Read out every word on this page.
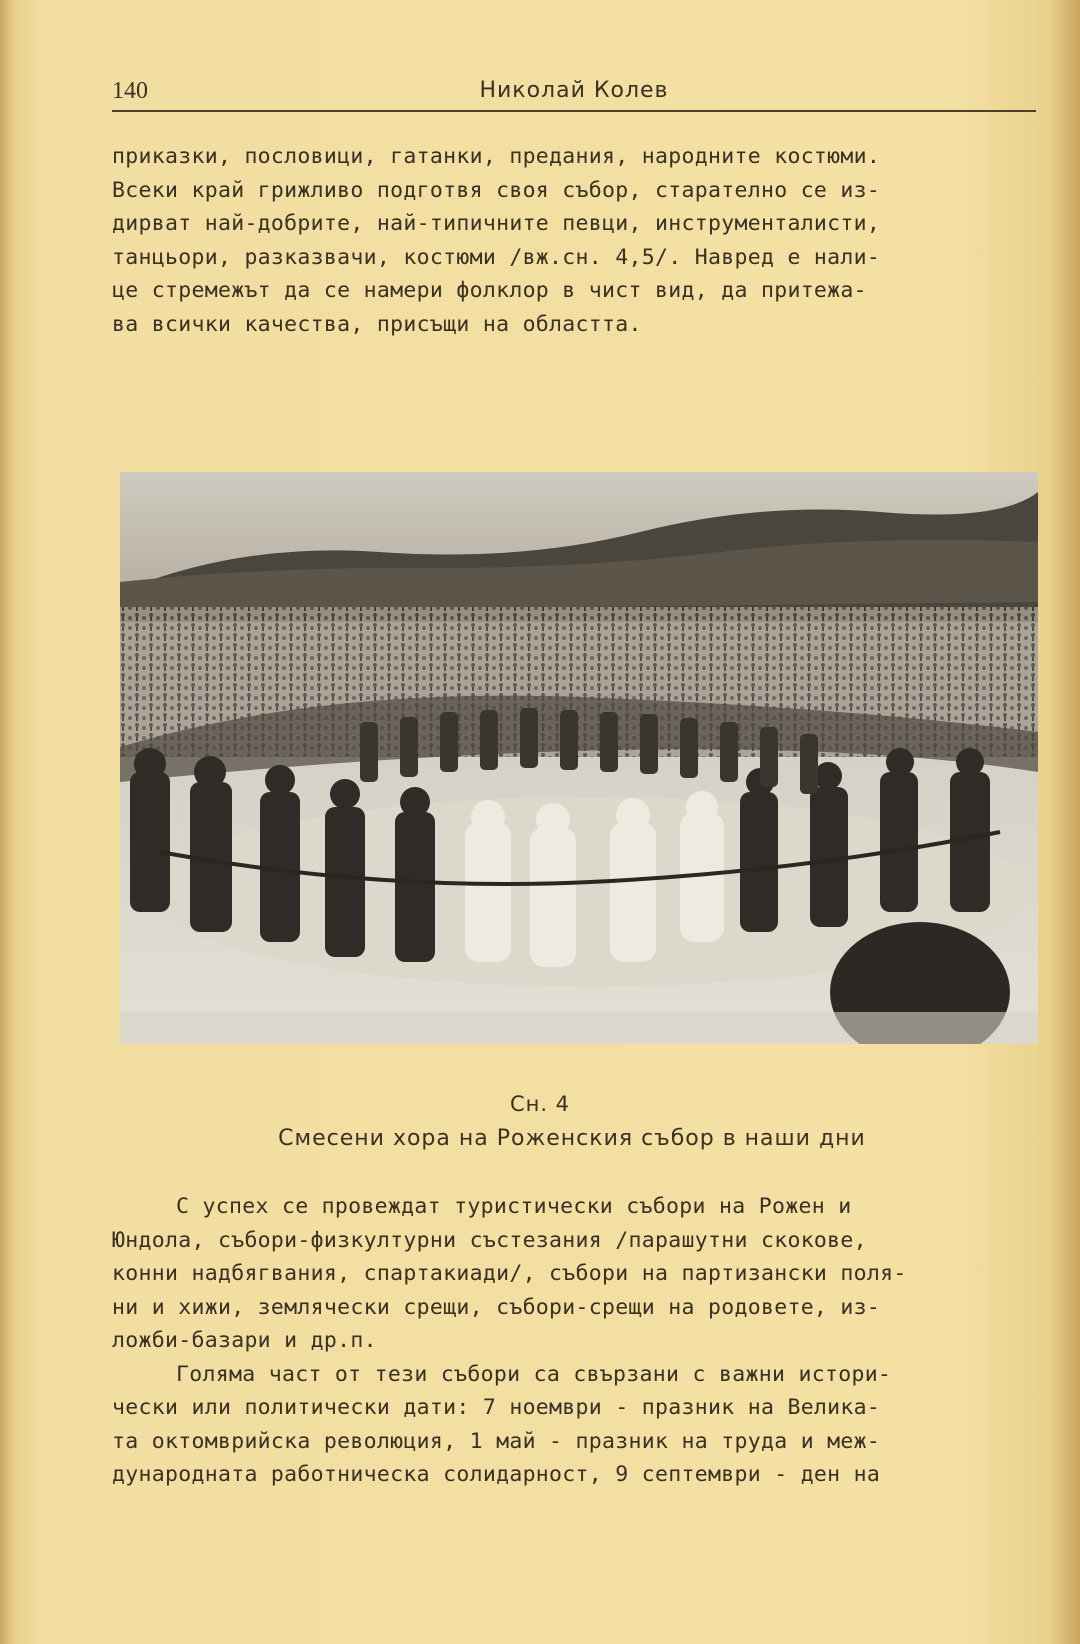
140	Николай Колев
приказки, пословици, гатанки, предания, народните костюми.
Всеки край грижливо подготвя своя събор, старателно се из-
дирват най-добрите, най-типичните певци, инструменталисти,
танцьори, разказвачи, костюми /вж.сн. 4,5/. Навред е нали-
це стремежът да се намери фолклор в чист вид, да притежа-
ва всички качества, присъщи на областта.
Сн. 4
Смесени хора на Роженския събор в наши дни
С успех се провеждат туристически събори на Рожен и
Юндола, събори-физкултурни състезания /парашутни скокове,
конни надбягвания, спартакиади/, събори на партизански поля-
ни и хижи, землячески срещи, събори-срещи на родовете, из-
ложби-базари и др.п.
Голяма част от тези събори са свързани с важни истори-
чески или политически дати: 7 ноември - празник на Велика-
та октомврийска революция, 1 май - празник на труда и меж-
дународната работническа солидарност, 9 септември - ден на
